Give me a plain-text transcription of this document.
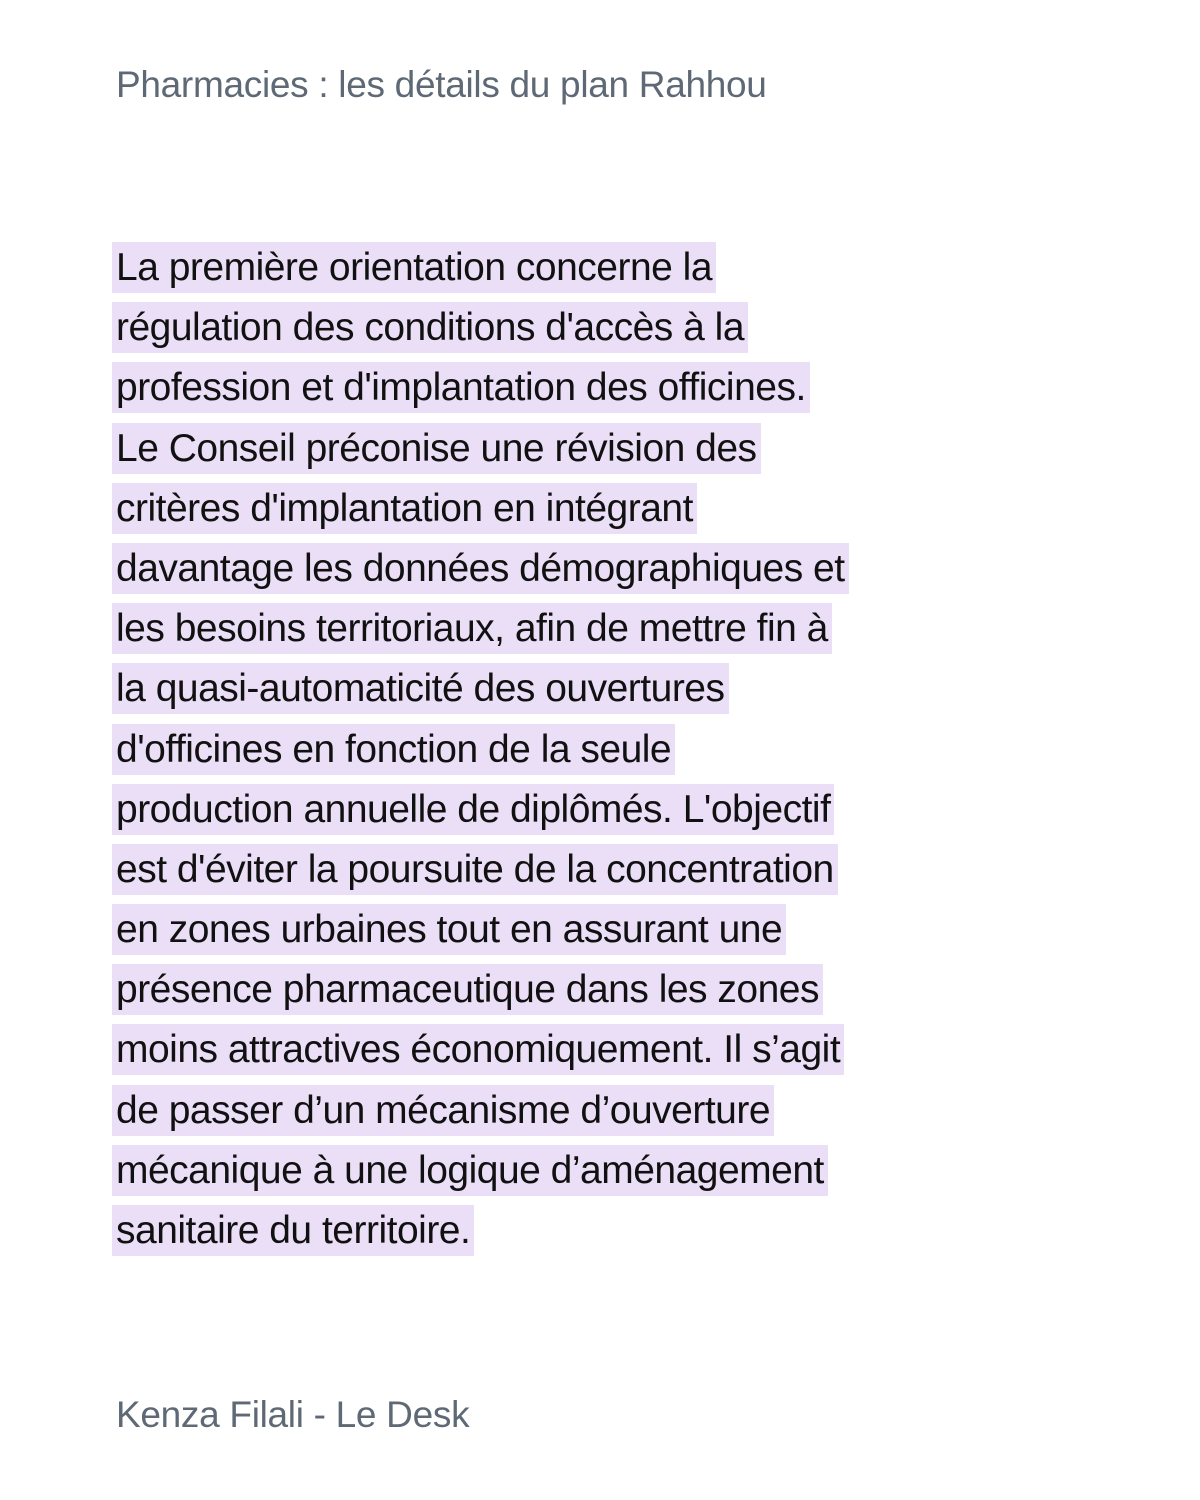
Pharmacies : les détails du plan Rahhou
La première orientation concerne la
régulation des conditions d'accès à la
profession et d'implantation des officines.
Le Conseil préconise une révision des
critères d'implantation en intégrant
davantage les données démographiques et
les besoins territoriaux, afin de mettre fin à
la quasi-automaticité des ouvertures
d'officines en fonction de la seule
production annuelle de diplômés. L'objectif
est d'éviter la poursuite de la concentration
en zones urbaines tout en assurant une
présence pharmaceutique dans les zones
moins attractives économiquement. Il s’agit
de passer d’un mécanisme d’ouverture
mécanique à une logique d’aménagement
sanitaire du territoire.
Kenza Filali - Le Desk
